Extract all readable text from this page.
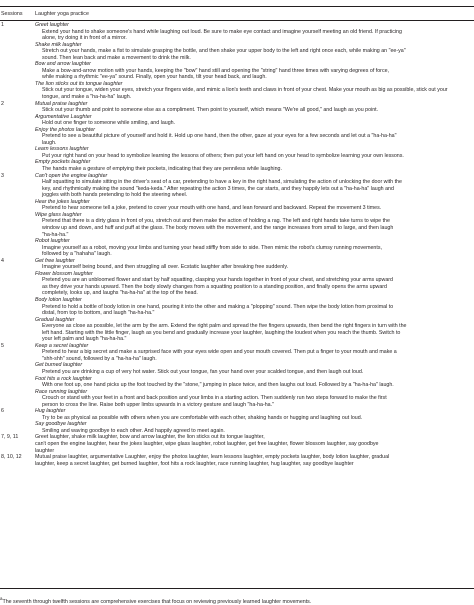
Sessions Laughter yoga practice
1	Greet laughter
Extend your hand to shake someone's hand while laughing out loud. Be sure to make eye contact and imagine yourself meeting an old friend. If practicing
alone, try doing it in front of a mirror.
Shake milk laughter
Stretch out your hands, make a fist to simulate grasping the bottle, and then shake your upper body to the left and right once each, while making an "ee-ya"
sound. Then lean back and make a movement to drink the milk.
Bow and arrow laughter
Make a bow-and-arrow motion with your hands, keeping the "bow" hand still and opening the "string" hand three times with varying degrees of force,
while making a rhythmic "ee-ya" sound. Finally, open your hands, tilt your head back, and laugh.
The lion sticks out its tongue laughter
Stick out your tongue, widen your eyes, stretch your fingers wide, and mimic a lion's teeth and claws in front of your chest. Make your mouth as big as possible, stick out your
tongue, and make a "ha-ha-ha" laugh.
2	Mutual praise laughter
Stick out your thumb and point to someone else as a compliment. Then point to yourself, which means "We're all good," and laugh as you point.
Argumentative Laughter
Hold out one finger to someone while smiling, and laugh.
Enjoy the photos laughter
Pretend to see a beautiful picture of yourself and hold it. Hold up one hand, then the other, gaze at your eyes for a few seconds and let out a "ha-ha-ha"
laugh.
Learn lessons laughter
Put your right hand on your head to symbolize learning the lessons of others; then put your left hand on your head to symbolize learning your own lessons.
Empty pockets laughter
The hands make a gesture of emptying their pockets, indicating that they are penniless while laughing.
3	Can't open the engine laughter
Half squatting to simulate sitting in the driver's seat of a car, pretending to have a key in the right hand, simulating the action of unlocking the door with the
key, and rhythmically making the sound "keda-keda." After repeating the action 3 times, the car starts, and they happily lets out a "ha-ha-ha" laugh and
joggles with both hands pretending to hold the steering wheel.
Hear the jokes laughter
Pretend to hear someone tell a joke, pretend to cover your mouth with one hand, and lean forward and backward. Repeat the movement 3 times.
Wipe glass laughter
Pretend that there is a dirty glass in front of you, stretch out and then make the action of holding a rag. The left and right hands take turns to wipe the
window up and down, and huff and puff at the glass. The body moves with the movement, and the range increases from small to large, and then laugh
"ha-ha-ha."
Robot laughter
Imagine yourself as a robot, moving your limbs and turning your head stiffly from side to side. Then mimic the robot's clumsy running movements,
followed by a "hahaha" laugh.
4	Get free laughter
Imagine yourself being bound, and then struggling all over. Ecstatic laughter after breaking free suddenly.
Flower blossom laughter
Pretend you are an unbloomed flower and start by half squatting, clasping your hands together in front of your chest, and stretching your arms upward
as they drive your hands upward. Then the body slowly changes from a squatting position to a standing position, and finally opens the arms upward
completely, looks up, and laughs "ha-ha-ha" at the top of the head.
Body lotion laughter
Pretend to hold a bottle of body lotion in one hand, pouring it into the other and making a "plopping" sound. Then wipe the body lotion from proximal to
distal, from top to bottom, and laugh "ha-ha-ha."
Gradual laughter
Everyone as close as possible, let the arm by the arm. Extend the right palm and spread the five fingers upwards, then bend the right fingers in turn with the
left hand. Starting with the little finger, laugh as you bend and gradually increase your laughter, laughing the loudest when you reach the thumb. Switch to
your left palm and laugh "ha-ha-ha."
5	Keep a secret laughter
Pretend to hear a big secret and make a surprised face with your eyes wide open and your mouth covered. Then put a finger to your mouth and make a
"shh-shh" sound, followed by a "ha-ha-ha" laugh.
Get burned laughter
Pretend you are drinking a cup of very hot water. Stick out your tongue, fan your hand over your scalded tongue, and then laugh out loud.
Foot hits a rock laughter
With one foot up, one hand picks up the foot touched by the "stone," jumping in place twice, and then laughs out loud. Followed by a "ha-ha-ha" laugh.
Race running laughter
Crouch or stand with your feet in a front and back position and your limbs in a starting action. Then suddenly run two steps forward to make the first
person to cross the line. Raise both upper limbs upwards in a victory gesture and laugh "ha-ha-ha."
6	Hug laughter
Try to be as physical as possible with others when you are comfortable with each other, shaking hands or hugging and laughing out loud.
Say goodbye laughter
Smiling and waving goodbye to each other. And happily agreed to meet again.
7, 9, 11	Greet laughter, shake milk laughter, bow and arrow laughter, the lion sticks out its tongue laughter,
can't open the engine laughter, hear the jokes laughter, wipe glass laughter, robot laughter, get free laughter, flower blossom laughter, say goodbye
laughter
8, 10, 12	Mutual praise laughter, argumentative Laughter, enjoy the photos laughter, learn lessons laughter, empty pockets laughter, body lotion laughter, gradual
laughter, keep a secret laughter, get burned laughter, foot hits a rock laughter, race running laughter, hug laughter, say goodbye laughter
$^a$The seventh through twelfth sessions are comprehensive exercises that focus on reviewing previously learned laughter movements.
